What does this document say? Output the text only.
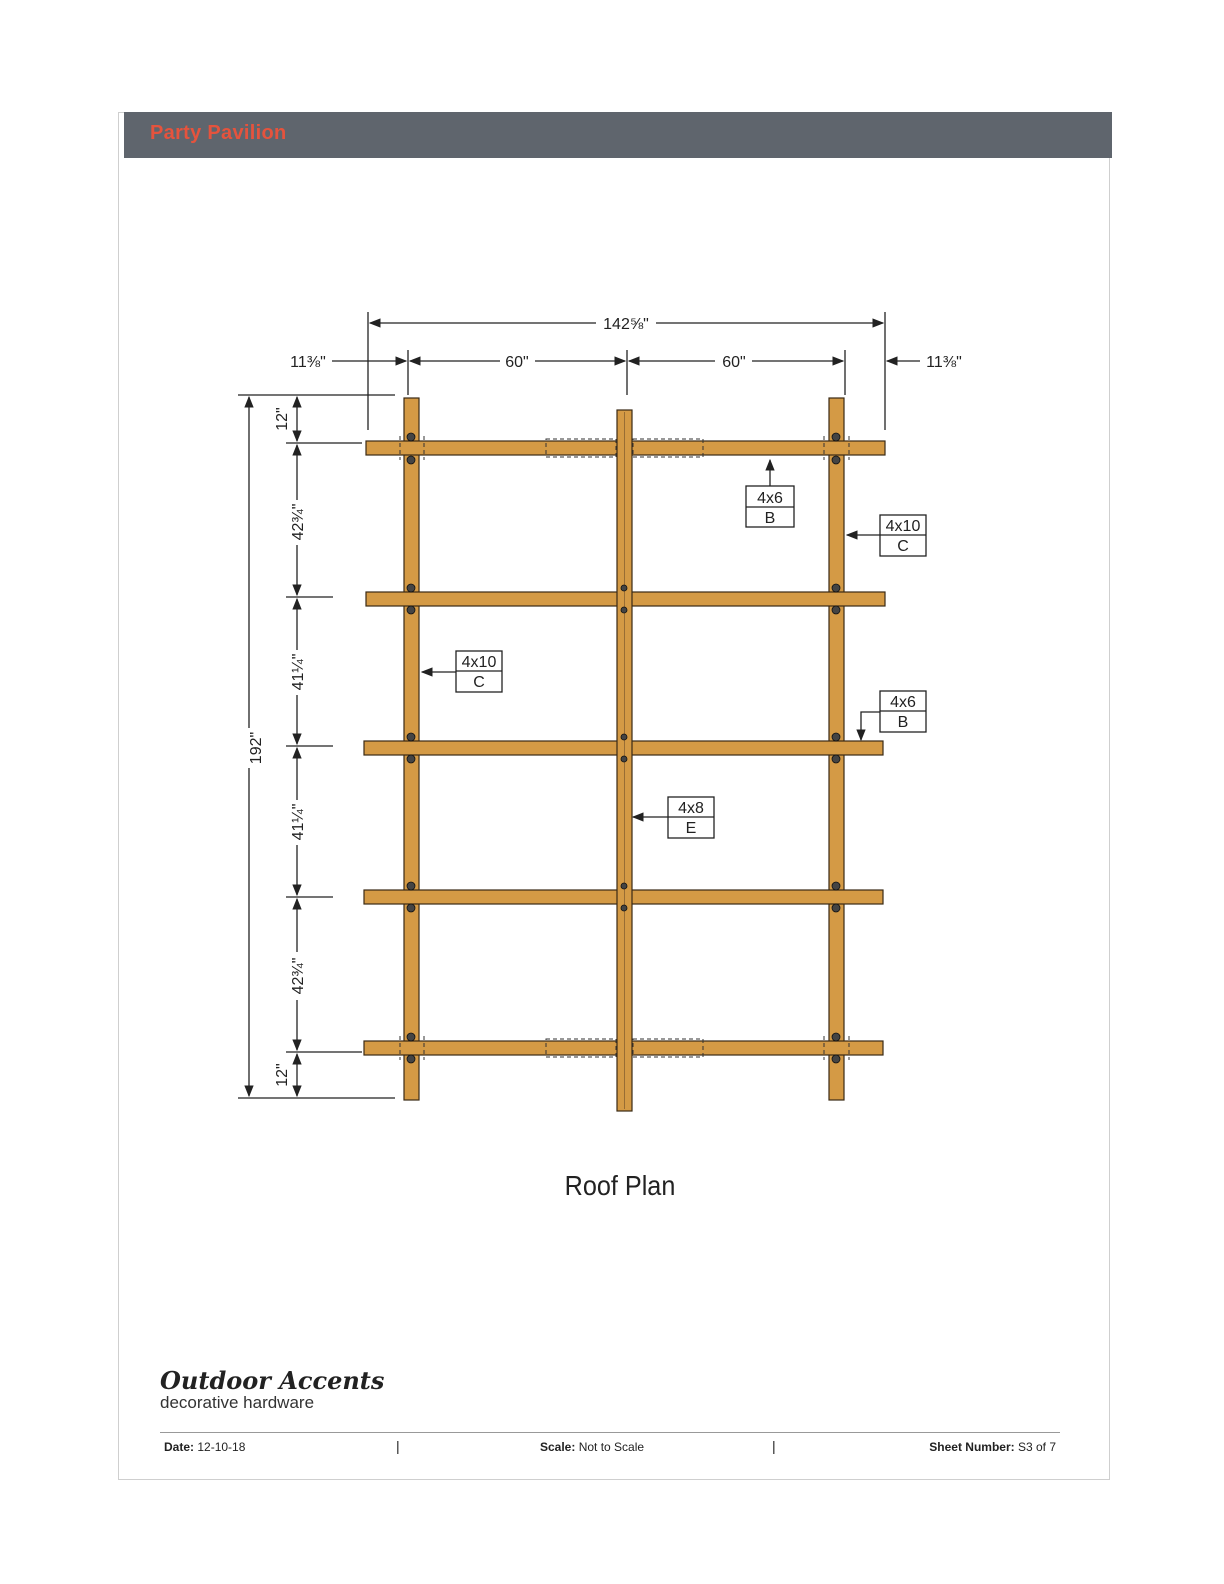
Party Pavilion
142⅝"
11⅜"	60"	60"	11⅜"
192"
12"
42¾"
41¼"
41¼"
42¾"
12"
4x6
B	4x10
C
4x10
C
4x6
B
4x8
E
Roof Plan
Outdoor Accents
decorative hardware
Date: 12-10-18	|	Scale: Not to Scale	|	Sheet Number: S3 of 7
